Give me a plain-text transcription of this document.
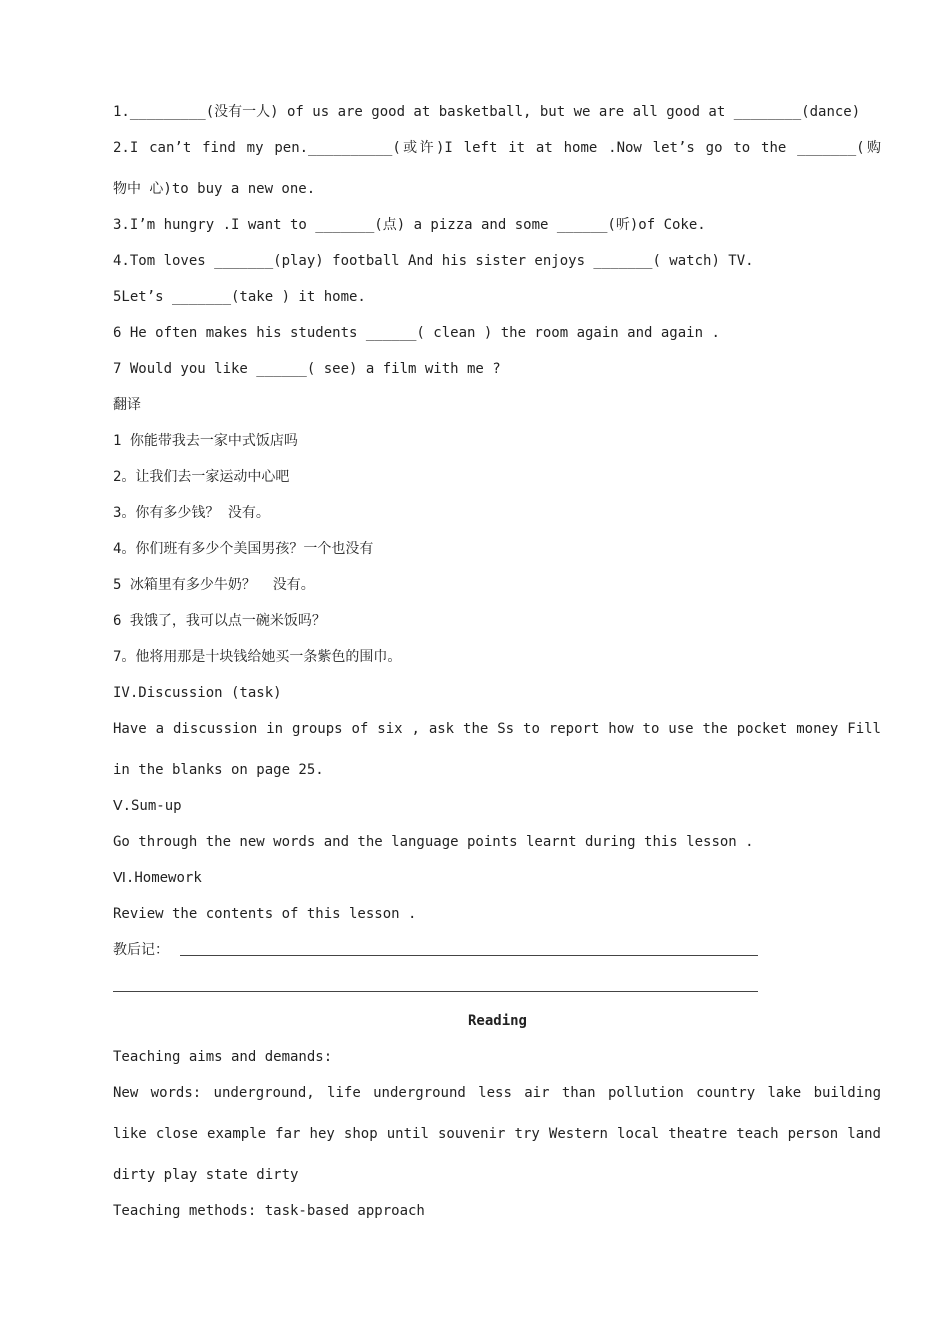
1._________(没有一人) of us are good at basketball, but we are all good at ________(dance)
2.I can’t find my pen.__________(或许)I left it at home .Now let’s go to the _______(购
物中 心)to buy a new one.
3.I’m hungry .I want to _______(点) a pizza and some ______(听)of Coke.
4.Tom loves _______(play) football And his sister enjoys _______( watch) TV.
5Let’s _______(take ) it home.
6 He often makes his students ______( clean ) the room again and again .
7 Would you like ______( see) a film with me ?
翻译
1 你能带我去一家中式饭店吗
2。让我们去一家运动中心吧
3。你有多少钱？ 没有。
4。你们班有多少个美国男孩？一个也没有
5 冰箱里有多少牛奶？  没有。
6 我饿了，我可以点一碗米饭吗？
7。他将用那是十块钱给她买一条紫色的围巾。
IV.Discussion (task)
Have a discussion in groups of six , ask the Ss to report how to use the pocket money Fill
in the blanks on page 25.
Ⅴ.Sum-up
Go through the new words and the language points learnt during this lesson .
Ⅵ.Homework
Review the contents of this lesson .
教后记：
Reading
Teaching aims and demands:
New words: underground, life underground less air than pollution country lake building
like close example far hey shop until souvenir try Western local theatre teach person land
dirty play state dirty
Teaching methods: task-based approach
